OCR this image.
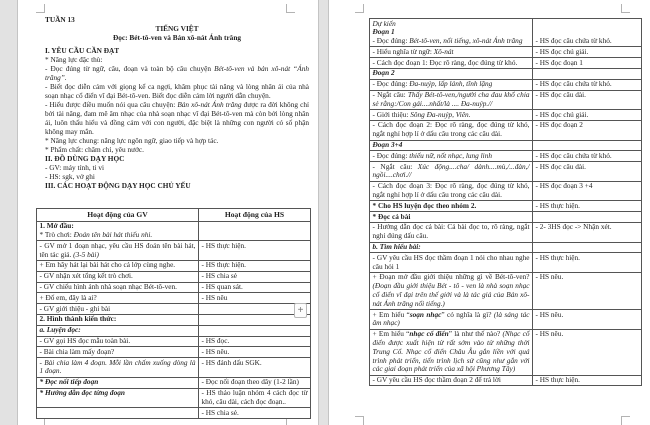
TUẦN 13
TIẾNG VIỆT
Đọc: Bét-tô-ven và Bản xô-nát Ánh trăng
I. YÊU CẦU CẦN ĐẠT
* Năng lực đặc thù:
- Đọc đúng từ ngữ, câu, đoạn và toàn bộ câu chuyện Bét-tô-ven và bản xô-nát “Ánh trăng”.
- Biết đọc diễn cảm với giọng kể ca ngợi, khâm phục tài năng và lòng nhân ái của nhà soạn nhạc cổ điển vĩ đại Bét-tô-ven. Biết đọc diễn cảm lời người dẫn chuyện.
- Hiểu được điều muốn nói qua câu chuyện: Bản xô-nát Ánh trăng được ra đời không chỉ bởi tài năng, đam mê âm nhạc của nhà soạn nhạc vĩ đại Bét-tô-ven mà còn bởi lòng nhân ái, luôn thấu hiểu và đồng cảm với con người, đặc biệt là những con người có số phận không may mắn.
* Năng lực chung: năng lực ngôn ngữ, giao tiếp và hợp tác.
* Phẩm chất: chăm chỉ, yêu nước.
II. ĐỒ DÙNG DẠY HỌC
- GV: máy tính, ti vi
- HS: sgk, vở ghi
III. CÁC HOẠT ĐỘNG DẠY HỌC CHỦ YẾU
Hoạt động của GV	Hoạt động của HS

1. Mở đầu:
* Trò chơi: Đoán tên bài hát thiếu nhi.	

- GV mở 1 đoạn nhạc, yêu cầu HS đoán tên bài hát, tên tác giả. (3-5 bài)	- HS thực hiện.

+ Em hãy hát lại bài hát cho cả lớp cùng nghe.	- HS thực hiện.

- GV nhận xét tổng kết trò chơi.	- HS chia sẻ

- GV chiếu hình ảnh nhà soạn nhạc Bét-tô-ven.	- HS quan sát.

+ Đố em, đây là ai?	- HS nêu

- GV giới thiệu - ghi bài	

2. Hình thành kiến thức:	

a. Luyện đọc:	

- GV gọi HS đọc mẫu toàn bài.	- HS đọc.

- Bài chia làm mấy đoạn?	- HS nêu.

- Bài chia làm 4 đoạn. Mỗi lần chấm xuống dòng là 1 đoạn.	- HS đánh dấu SGK.

* Đọc nối tiếp đoạn	- Đọc nối đoạn theo dãy (1-2 lần)

* Hướng dẫn đọc từng đoạn	- HS thảo luận nhóm 4 cách đọc từ khó, câu dài, cách đọc đoạn..

	- HS chia sẻ.
Dự kiến
Đoạn 1
- Đọc đúng: Bét-tô-ven, nổi tiếng, xô-nát Ánh trăng	- HS đọc câu chứa từ khó.

- Hiểu nghĩa từ ngữ: Xô-nát	- HS đọc chú giải.

- Cách đọc đoạn 1: Đọc rõ ràng, đọc đúng từ khó.	- HS đọc đoạn 1

Đoạn 2	

- Đọc đúng: Đa-nuýp, lấp lánh, tĩnh lặng	- HS đọc câu chứa từ khó.

- Ngắt câu: Thấy Bét-tô-ven,/người cha đau khổ chia sẻ rằng:/Con gái....nhất/là .... Đa-nuýp.//	- HS đọc câu dài.

- Giới thiệu: Sông Đa-nuýp, Viên.	- HS đọc chú giải.

- Cách đọc đoạn 2: Đọc rõ ràng, đọc đúng từ khó, ngắt nghỉ hợp lí ở dấu câu trong các câu dài.	- HS đọc đoạn 2

Đoạn 3+4	

- Đọc đúng: thiếu nữ, nốt nhạc, lung linh	- HS đọc câu chứa từ khó.

- Ngắt câu: Xúc động....cha/ dành....mù,/...đàn,/ ngồi....chơi.//	- HS đọc câu dài.

- Cách đọc đoạn 3: Đọc rõ ràng, đọc đúng từ khó, ngắt nghỉ hợp lí ở dấu câu trong các câu dài.	- HS đọc đoạn 3 +4

* Cho HS luyện đọc theo nhóm 2.	- HS thực hiện.

* Đọc cả bài	

- Hướng dẫn đọc cả bài: Cả bài đọc to, rõ ràng, ngắt nghỉ đúng dấu câu.	- 2- 3HS đọc -> Nhận xét.

b. Tìm hiểu bài:	

- GV yêu cầu HS đọc thầm đoạn 1 nói cho nhau nghe câu hỏi 1	- HS thực hiện.

+ Đoạn mở đầu giới thiệu những gì về Bét-tô-ven? (Đoạn đầu giới thiệu Bét - tô - ven là nhà soạn nhạc cổ điển vĩ đại trên thế giới và là tác giả của Bản xô-nát Ánh trăng nổi tiếng.)	- HS nêu.

+ Em hiểu “soạn nhạc” có nghĩa là gì? (là sáng tác âm nhạc)	- HS nêu.

+ Em hiểu “nhạc cổ điển” là như thế nào? (Nhạc cổ điển được xuất hiện từ rất sớm vào từ những thời Trung Cổ. Nhạc cổ điển Châu Âu gắn liền với quá trình phát triển, tiến trình lịch sử cũng như gắn với các giai đoạn phát triển của xã hội Phương Tây)	- HS nêu.

- GV yêu cầu HS đọc thầm đoạn 2 để trả lời	- HS thực hiện.
+
